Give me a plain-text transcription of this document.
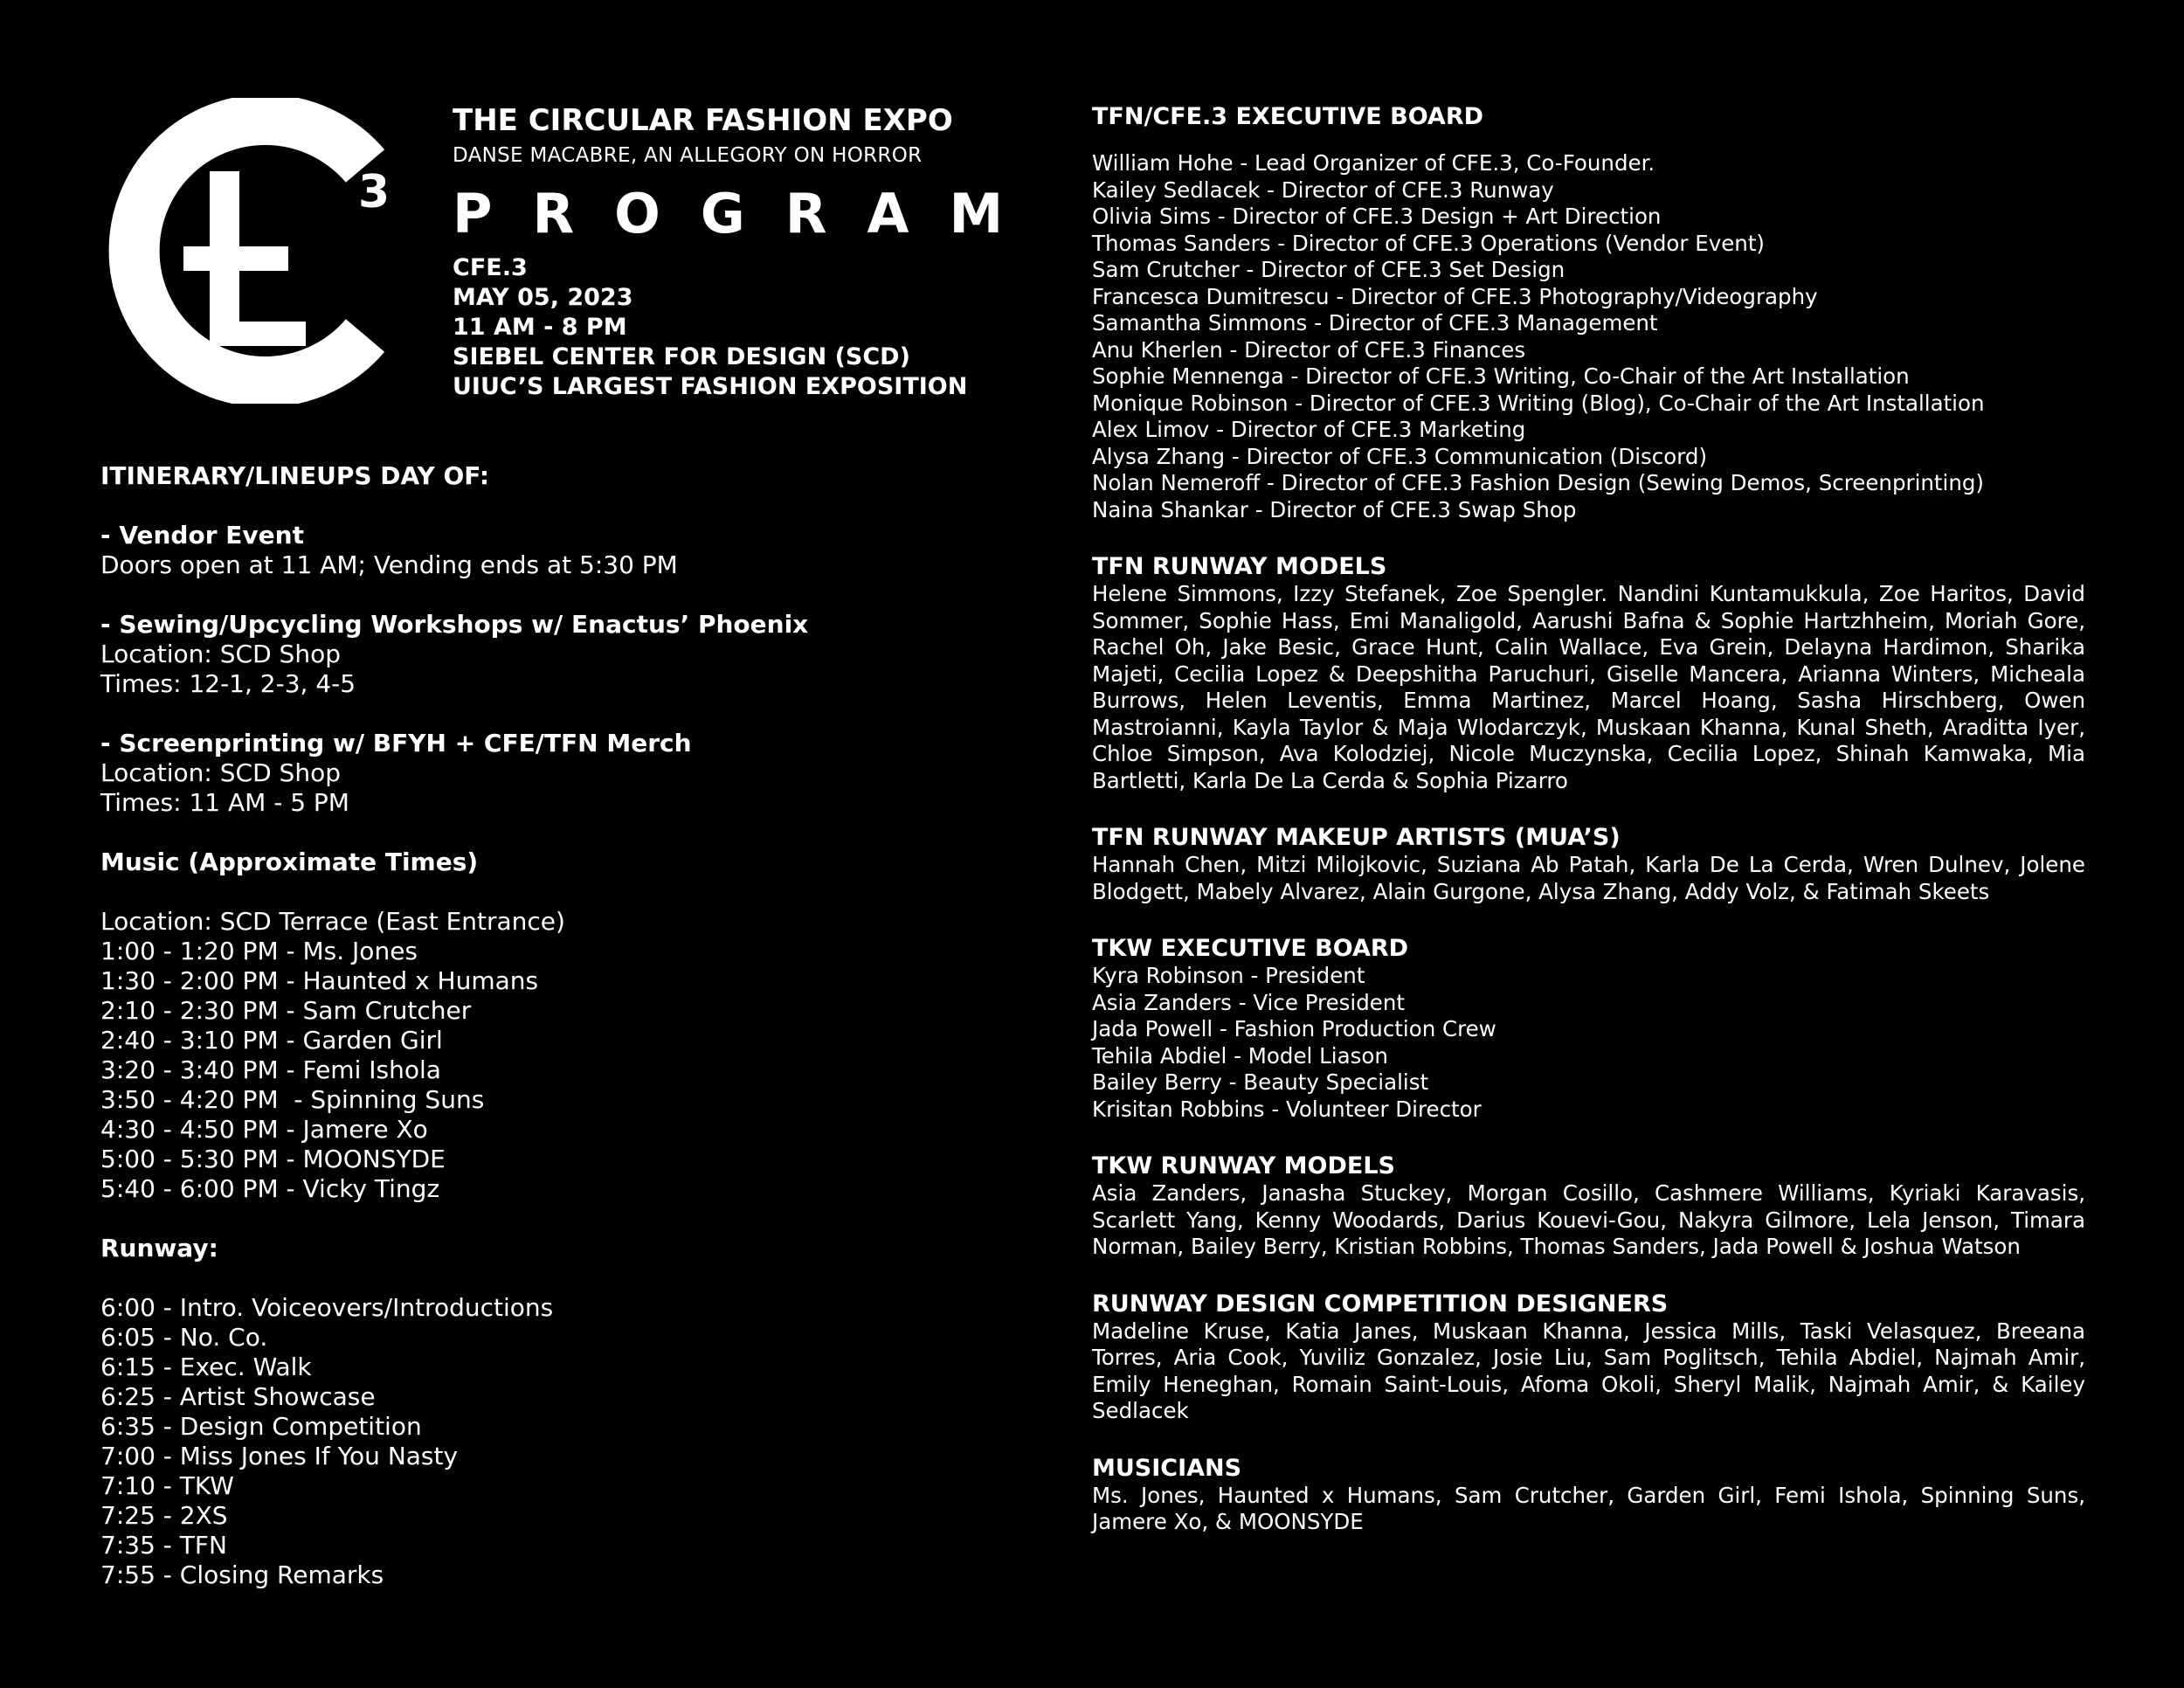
3
THE CIRCULAR FASHION EXPO
DANSE MACABRE, AN ALLEGORY ON HORROR
PROGRAM
CFE.3
MAY 05, 2023
11 AM - 8 PM
SIEBEL CENTER FOR DESIGN (SCD)
UIUC’S LARGEST FASHION EXPOSITION
ITINERARY/LINEUPS DAY OF:
- Vendor Event
Doors open at 11 AM; Vending ends at 5:30 PM
- Sewing/Upcycling Workshops w/ Enactus’ Phoenix
Location: SCD Shop
Times: 12-1, 2-3, 4-5
- Screenprinting w/ BFYH + CFE/TFN Merch
Location: SCD Shop
Times: 11 AM - 5 PM
Music (Approximate Times)
Location: SCD Terrace (East Entrance)
1:00 - 1:20 PM - Ms. Jones
1:30 - 2:00 PM - Haunted x Humans
2:10 - 2:30 PM - Sam Crutcher
2:40 - 3:10 PM - Garden Girl
3:20 - 3:40 PM - Femi Ishola
3:50 - 4:20 PM  - Spinning Suns
4:30 - 4:50 PM - Jamere Xo
5:00 - 5:30 PM - MOONSYDE
5:40 - 6:00 PM - Vicky Tingz
Runway:
6:00 - Intro. Voiceovers/Introductions
6:05 - No. Co.
6:15 - Exec. Walk
6:25 - Artist Showcase
6:35 - Design Competition
7:00 - Miss Jones If You Nasty
7:10 - TKW
7:25 - 2XS
7:35 - TFN
7:55 - Closing Remarks
TFN/CFE.3 EXECUTIVE BOARD
William Hohe - Lead Organizer of CFE.3, Co-Founder.
Kailey Sedlacek - Director of CFE.3 Runway
Olivia Sims - Director of CFE.3 Design + Art Direction
Thomas Sanders - Director of CFE.3 Operations (Vendor Event)
Sam Crutcher - Director of CFE.3 Set Design
Francesca Dumitrescu - Director of CFE.3 Photography/Videography
Samantha Simmons - Director of CFE.3 Management
Anu Kherlen - Director of CFE.3 Finances
Sophie Mennenga - Director of CFE.3 Writing, Co-Chair of the Art Installation
Monique Robinson - Director of CFE.3 Writing (Blog), Co-Chair of the Art Installation
Alex Limov - Director of CFE.3 Marketing
Alysa Zhang - Director of CFE.3 Communication (Discord)
Nolan Nemeroff - Director of CFE.3 Fashion Design (Sewing Demos, Screenprinting)
Naina Shankar - Director of CFE.3 Swap Shop
TFN RUNWAY MODELS
Helene Simmons, Izzy Stefanek, Zoe Spengler. Nandini Kuntamukkula, Zoe Haritos, David Sommer, Sophie Hass, Emi Manaligold, Aarushi Bafna & Sophie Hartzhheim, Moriah Gore, Rachel Oh, Jake Besic, Grace Hunt, Calin Wallace, Eva Grein, Delayna Hardimon, Sharika Majeti, Cecilia Lopez & Deepshitha Paruchuri, Giselle Mancera, Arianna Winters, Micheala Burrows, Helen Leventis, Emma Martinez, Marcel Hoang, Sasha Hirschberg, Owen Mastroianni, Kayla Taylor & Maja Wlodarczyk, Muskaan Khanna, Kunal Sheth, Araditta Iyer, Chloe Simpson, Ava Kolodziej, Nicole Muczynska, Cecilia Lopez, Shinah Kamwaka, Mia Bartletti, Karla De La Cerda & Sophia Pizarro
TFN RUNWAY MAKEUP ARTISTS (MUA’S)
Hannah Chen, Mitzi Milojkovic, Suziana Ab Patah, Karla De La Cerda, Wren Dulnev, Jolene Blodgett, Mabely Alvarez, Alain Gurgone, Alysa Zhang, Addy Volz, & Fatimah Skeets
TKW EXECUTIVE BOARD
Kyra Robinson - President
Asia Zanders - Vice President
Jada Powell - Fashion Production Crew
Tehila Abdiel - Model Liason
Bailey Berry - Beauty Specialist
Krisitan Robbins - Volunteer Director
TKW RUNWAY MODELS
Asia Zanders, Janasha Stuckey, Morgan Cosillo, Cashmere Williams, Kyriaki Karavasis, Scarlett Yang, Kenny Woodards, Darius Kouevi-Gou, Nakyra Gilmore, Lela Jenson, Timara Norman, Bailey Berry, Kristian Robbins, Thomas Sanders, Jada Powell & Joshua Watson
RUNWAY DESIGN COMPETITION DESIGNERS
Madeline Kruse, Katia Janes, Muskaan Khanna, Jessica Mills, Taski Velasquez, Breeana Torres, Aria Cook, Yuviliz Gonzalez, Josie Liu, Sam Poglitsch, Tehila Abdiel, Najmah Amir, Emily Heneghan, Romain Saint-Louis, Afoma Okoli, Sheryl Malik, Najmah Amir, & Kailey Sedlacek
MUSICIANS
Ms. Jones, Haunted x Humans, Sam Crutcher, Garden Girl, Femi Ishola, Spinning Suns, Jamere Xo, & MOONSYDE
